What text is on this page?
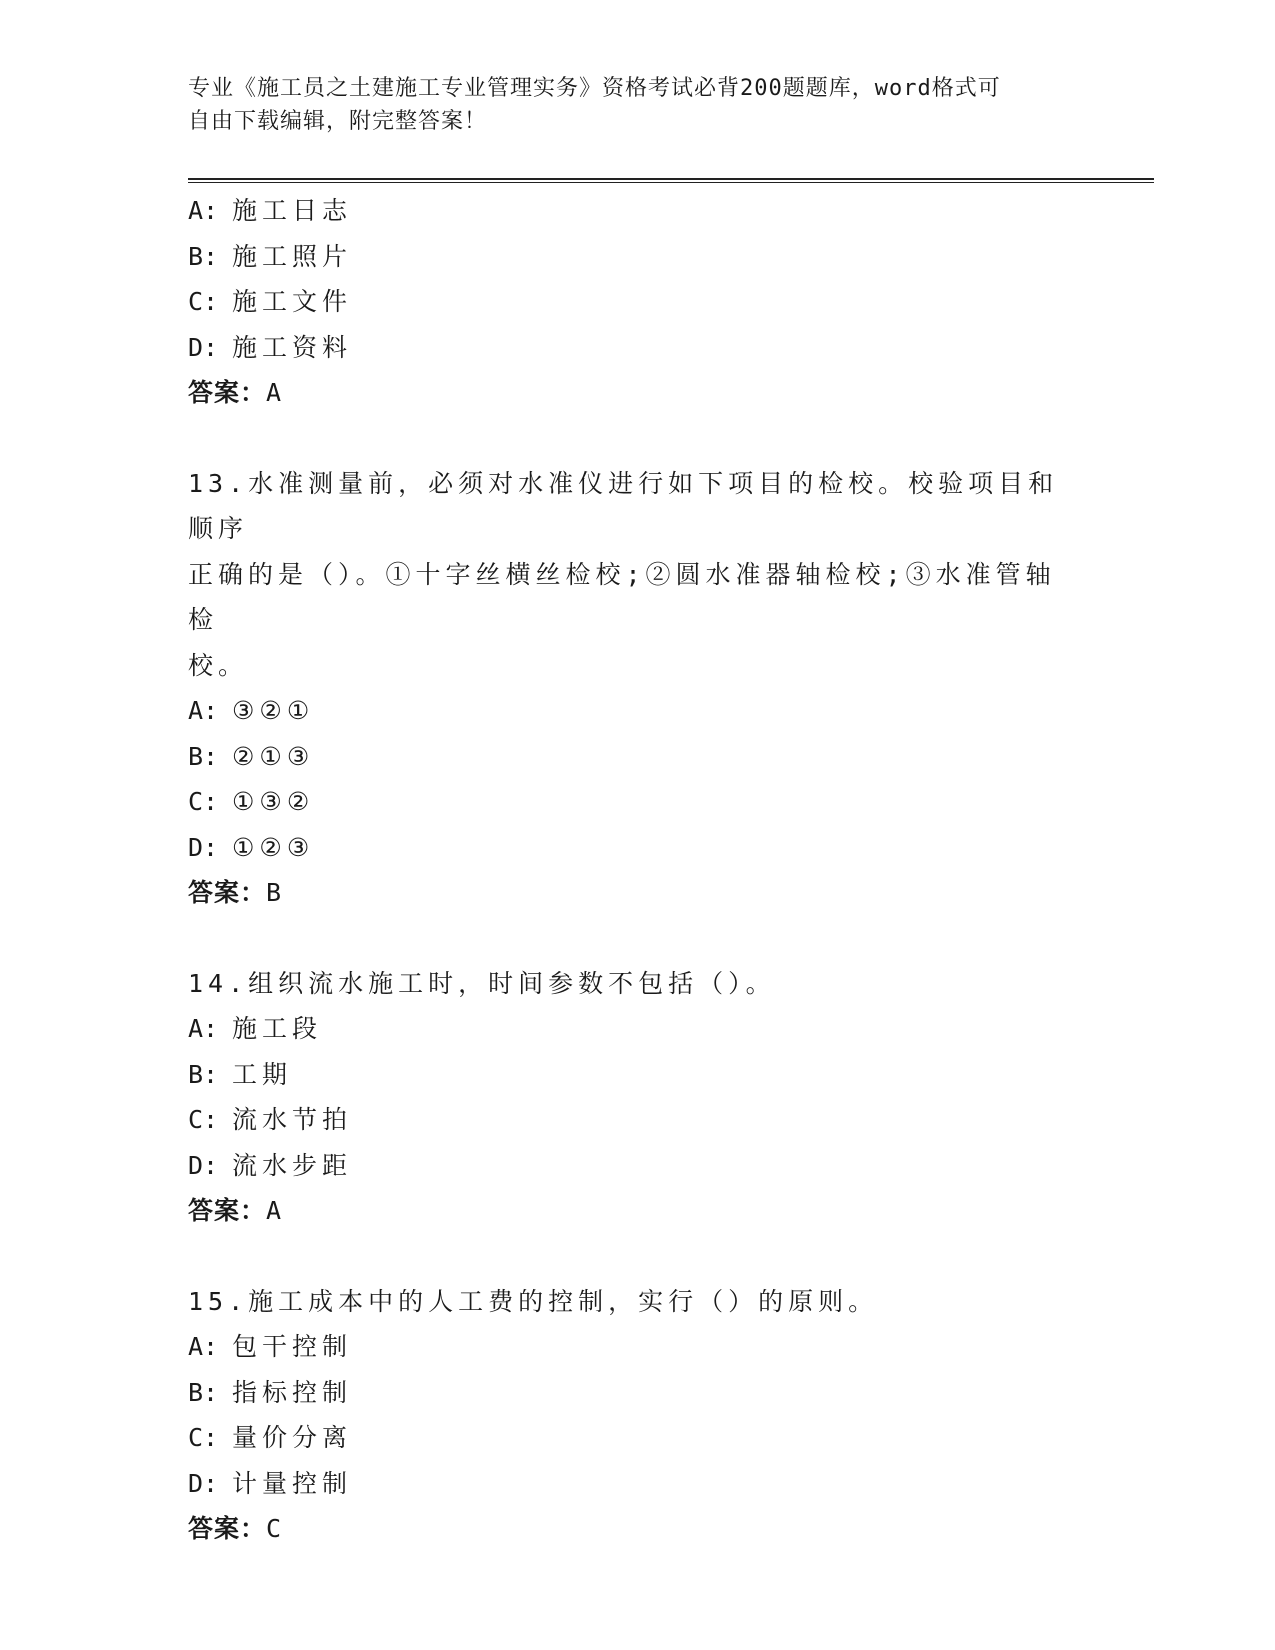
专业《施工员之土建施工专业管理实务》资格考试必背200题题库，word格式可
自由下载编辑，附完整答案！
A: 施工日志
B: 施工照片
C: 施工文件
D: 施工资料
答案：A
13.水准测量前，必须对水准仪进行如下项目的检校。校验项目和顺序
正确的是（）。①十字丝横丝检校;②圆水准器轴检校;③水准管轴检
校。
A: ③②①
B: ②①③
C: ①③②
D: ①②③
答案：B
14.组织流水施工时，时间参数不包括（）。
A: 施工段
B: 工期
C: 流水节拍
D: 流水步距
答案：A
15.施工成本中的人工费的控制，实行（）的原则。
A: 包干控制
B: 指标控制
C: 量价分离
D: 计量控制
答案：C
